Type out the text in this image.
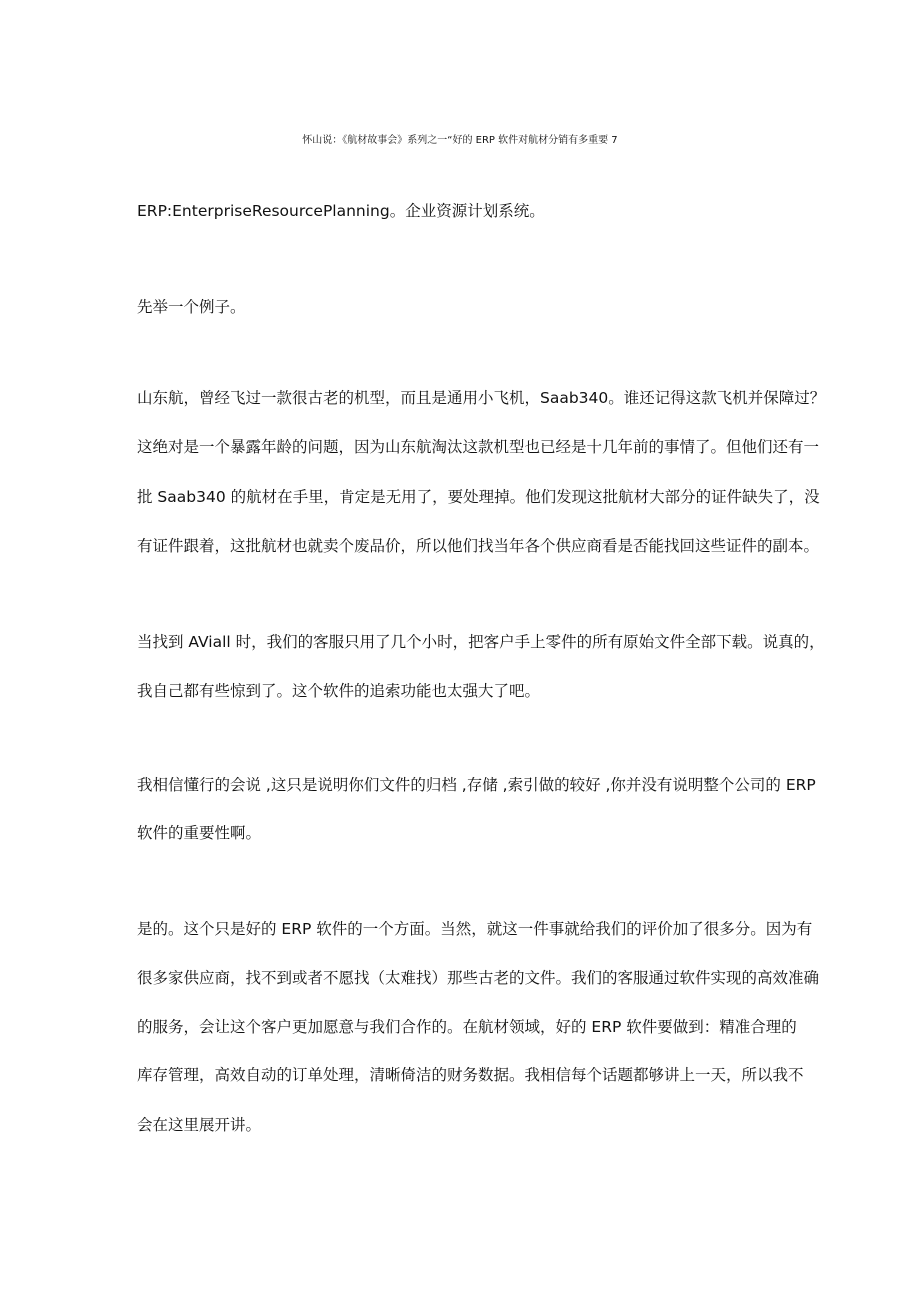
怀山说：《航材故事会》系列之一“好的 ERP 软件对航材分销有多重要 7
ERP:EnterpriseResourcePlanning。企业资源计划系统。
先举一个例子。
山东航，曾经飞过一款很古老的机型，而且是通用小飞机，Saab340。谁还记得这款飞机并保障过？
这绝对是一个暴露年龄的问题，因为山东航淘汰这款机型也已经是十几年前的事情了。但他们还有一
批 Saab340 的航材在手里，肯定是无用了，要处理掉。他们发现这批航材大部分的证件缺失了，没
有证件跟着，这批航材也就卖个废品价，所以他们找当年各个供应商看是否能找回这些证件的副本。
当找到 AViall 时，我们的客服只用了几个小时，把客户手上零件的所有原始文件全部下载。说真的，
我自己都有些惊到了。这个软件的追索功能也太强大了吧。
我相信懂行的会说 ,这只是说明你们文件的归档 ,存储 ,索引做的较好 ,你并没有说明整个公司的 ERP
软件的重要性啊。
是的。这个只是好的 ERP 软件的一个方面。当然，就这一件事就给我们的评价加了很多分。因为有
很多家供应商，找不到或者不愿找（太难找）那些古老的文件。我们的客服通过软件实现的高效准确
的服务，会让这个客户更加愿意与我们合作的。在航材领域，好的 ERP 软件要做到：精准合理的
库存管理，高效自动的订单处理，清晰倚洁的财务数据。我相信每个话题都够讲上一天，所以我不
会在这里展开讲。
